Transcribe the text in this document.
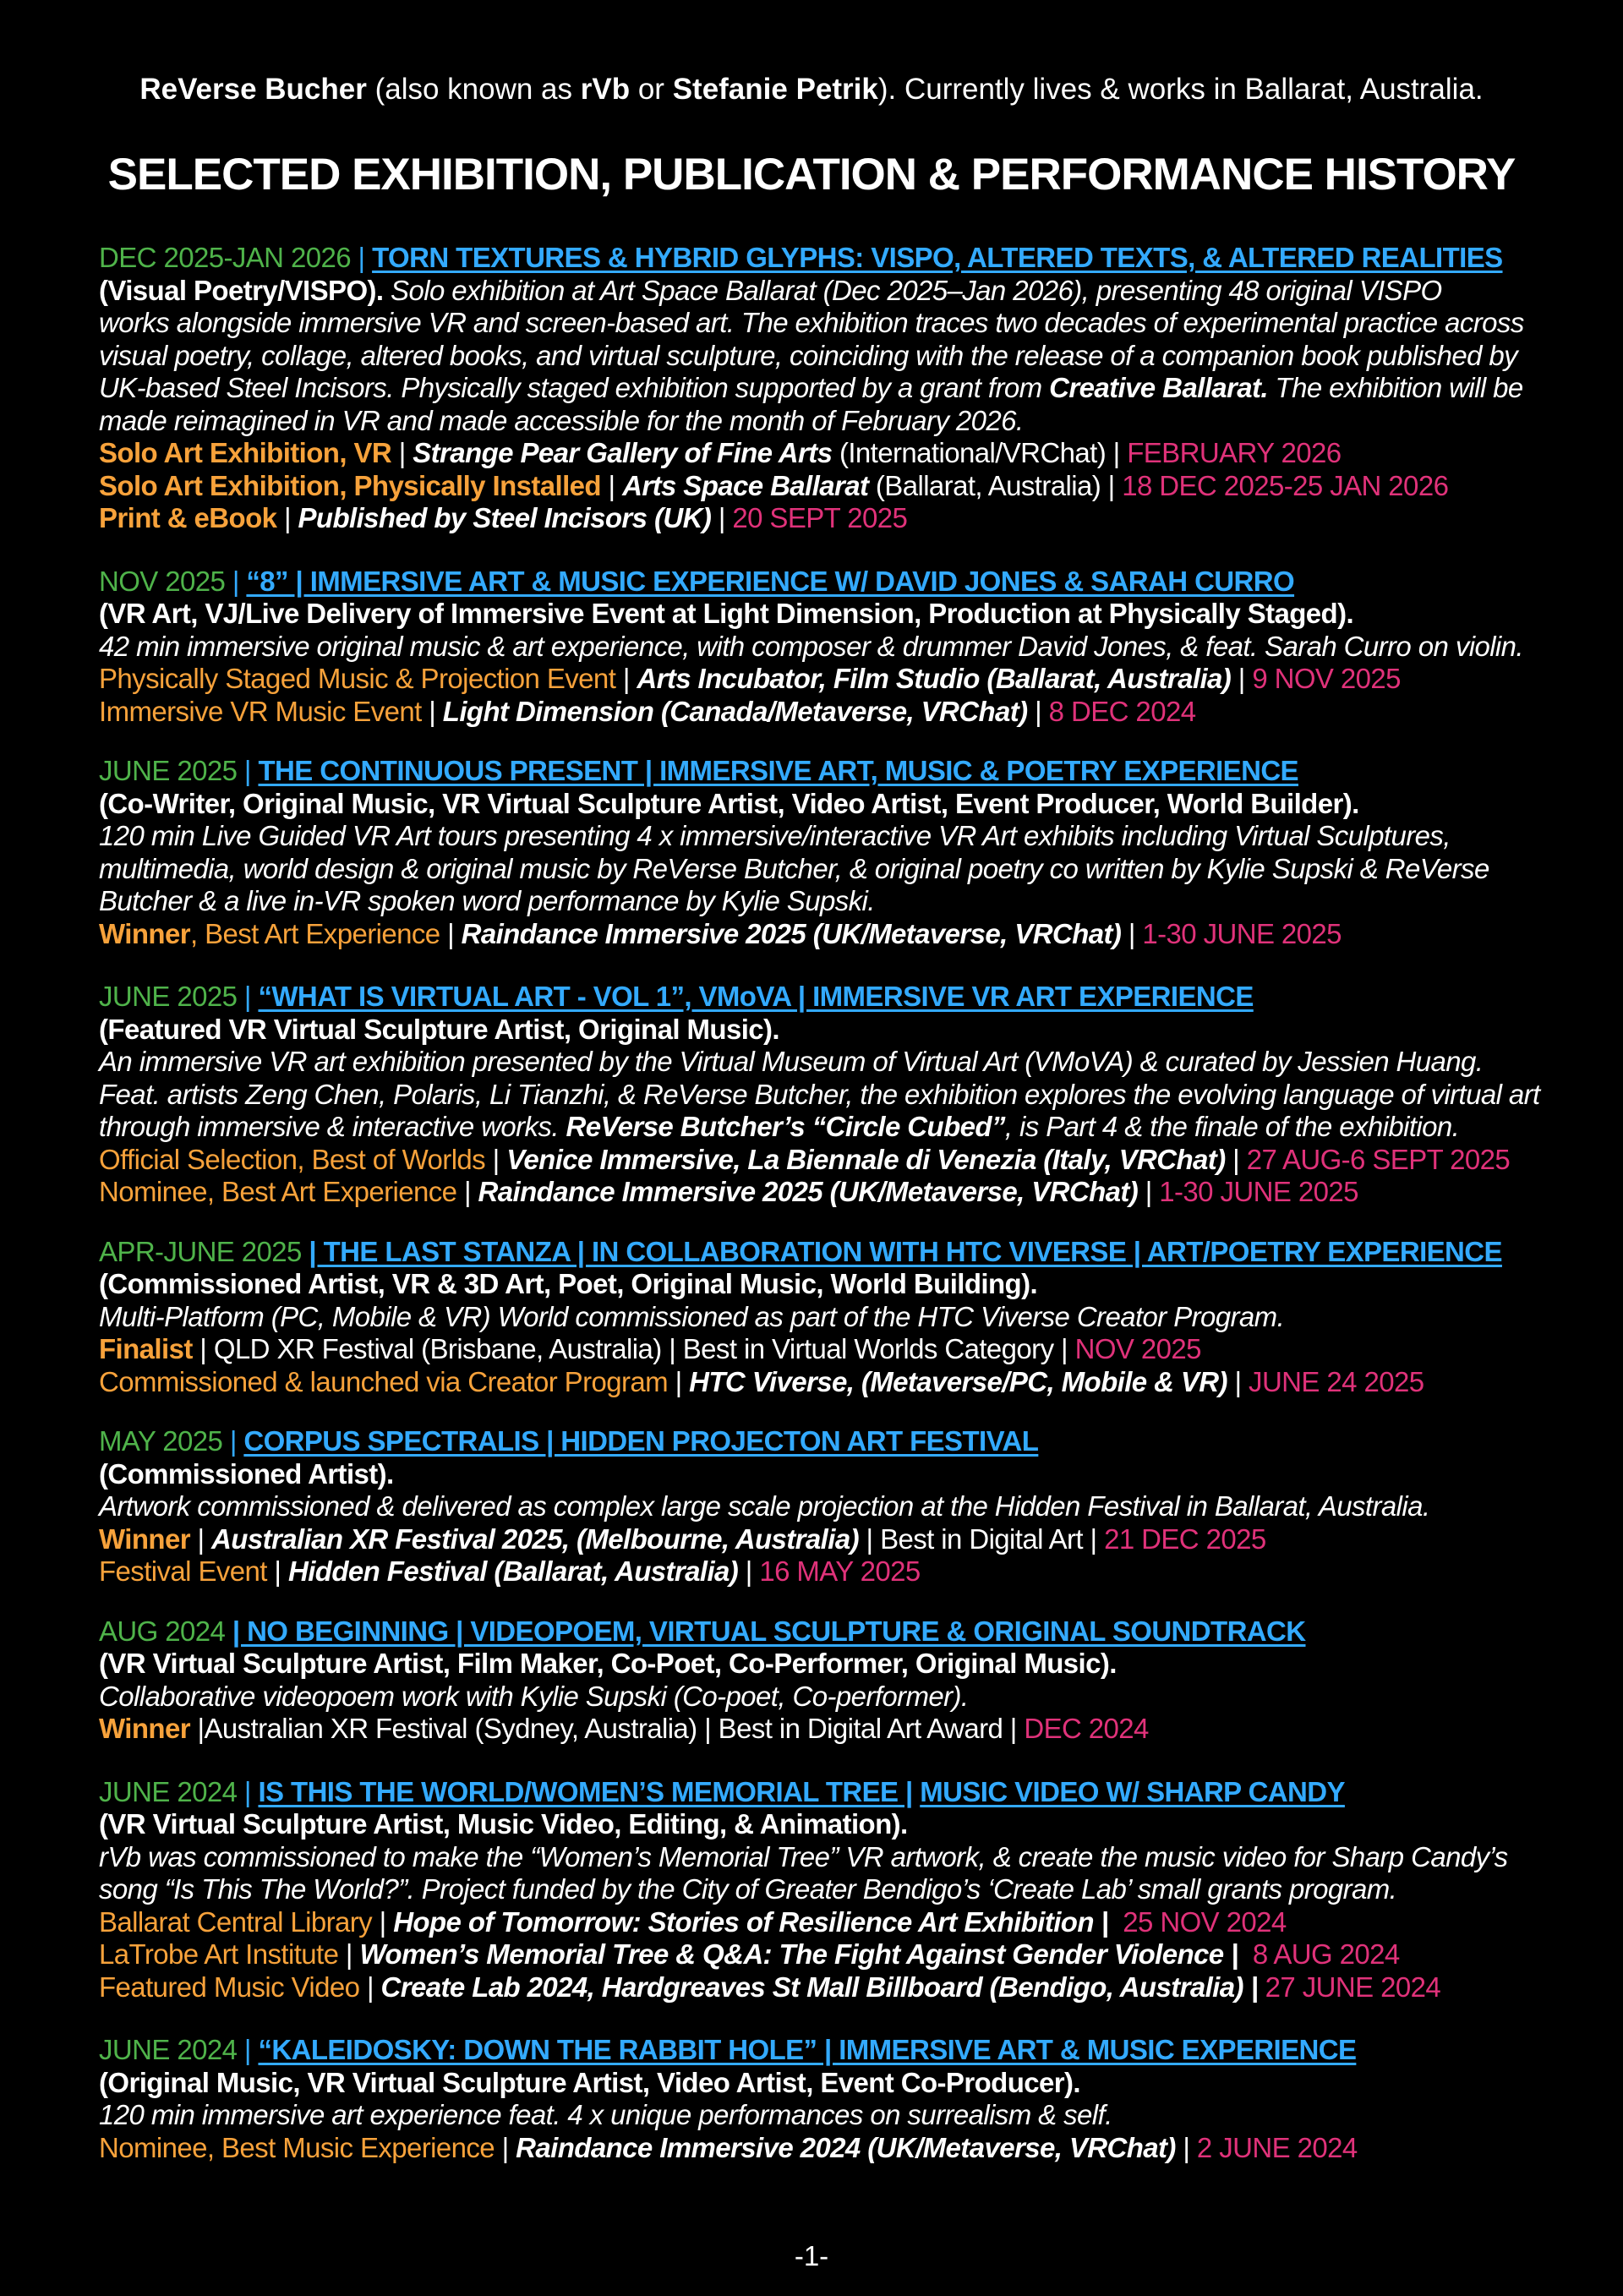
ReVerse Bucher (also known as rVb or Stefanie Petrik). Currently lives & works in Ballarat, Australia.
SELECTED EXHIBITION, PUBLICATION & PERFORMANCE HISTORY
DEC 2025-JAN 2026 | TORN TEXTURES & HYBRID GLYPHS: VISPO, ALTERED TEXTS, & ALTERED REALITIES
(Visual Poetry/VISPO). Solo exhibition at Art Space Ballarat (Dec 2025–Jan 2026), presenting 48 original VISPO
works alongside immersive VR and screen-based art. The exhibition traces two decades of experimental practice across
visual poetry, collage, altered books, and virtual sculpture, coinciding with the release of a companion book published by
UK-based Steel Incisors. Physically staged exhibition supported by a grant from Creative Ballarat. The exhibition will be
made reimagined in VR and made accessible for the month of February 2026.
Solo Art Exhibition, VR | Strange Pear Gallery of Fine Arts (International/VRChat) | FEBRUARY 2026
Solo Art Exhibition, Physically Installed | Arts Space Ballarat (Ballarat, Australia) | 18 DEC 2025-25 JAN 2026
Print & eBook | Published by Steel Incisors (UK) | 20 SEPT 2025
NOV 2025 | “8” | IMMERSIVE ART & MUSIC EXPERIENCE W/ DAVID JONES & SARAH CURRO
(VR Art, VJ/Live Delivery of Immersive Event at Light Dimension, Production at Physically Staged).
42 min immersive original music & art experience, with composer & drummer David Jones, & feat. Sarah Curro on violin.
Physically Staged Music & Projection Event | Arts Incubator, Film Studio (Ballarat, Australia) | 9 NOV 2025
Immersive VR Music Event | Light Dimension (Canada/Metaverse, VRChat) | 8 DEC 2024
JUNE 2025 | THE CONTINUOUS PRESENT | IMMERSIVE ART, MUSIC & POETRY EXPERIENCE
(Co-Writer, Original Music, VR Virtual Sculpture Artist, Video Artist, Event Producer, World Builder).
120 min Live Guided VR Art tours presenting 4 x immersive/interactive VR Art exhibits including Virtual Sculptures,
multimedia, world design & original music by ReVerse Butcher, & original poetry co written by Kylie Supski & ReVerse
Butcher & a live in-VR spoken word performance by Kylie Supski.
Winner, Best Art Experience | Raindance Immersive 2025 (UK/Metaverse, VRChat) | 1-30 JUNE 2025
JUNE 2025 | “WHAT IS VIRTUAL ART - VOL 1”, VMoVA | IMMERSIVE VR ART EXPERIENCE
(Featured VR Virtual Sculpture Artist, Original Music).
An immersive VR art exhibition presented by the Virtual Museum of Virtual Art (VMoVA) & curated by Jessien Huang.
Feat. artists Zeng Chen, Polaris, Li Tianzhi, & ReVerse Butcher, the exhibition explores the evolving language of virtual art
through immersive & interactive works. ReVerse Butcher’s “Circle Cubed”, is Part 4 & the finale of the exhibition.
Official Selection, Best of Worlds | Venice Immersive, La Biennale di Venezia (Italy, VRChat) | 27 AUG-6 SEPT 2025
Nominee, Best Art Experience | Raindance Immersive 2025 (UK/Metaverse, VRChat) | 1-30 JUNE 2025
APR-JUNE 2025 | THE LAST STANZA | IN COLLABORATION WITH HTC VIVERSE | ART/POETRY EXPERIENCE
(Commissioned Artist, VR & 3D Art, Poet, Original Music, World Building).
Multi-Platform (PC, Mobile & VR) World commissioned as part of the HTC Viverse Creator Program.
Finalist | QLD XR Festival (Brisbane, Australia) | Best in Virtual Worlds Category | NOV 2025
Commissioned & launched via Creator Program | HTC Viverse, (Metaverse/PC, Mobile & VR) | JUNE 24 2025
MAY 2025 | CORPUS SPECTRALIS | HIDDEN PROJECTON ART FESTIVAL
(Commissioned Artist).
Artwork commissioned & delivered as complex large scale projection at the Hidden Festival in Ballarat, Australia.
Winner | Australian XR Festival 2025, (Melbourne, Australia) | Best in Digital Art | 21 DEC 2025
Festival Event | Hidden Festival (Ballarat, Australia) | 16 MAY 2025
AUG 2024 | NO BEGINNING | VIDEOPOEM, VIRTUAL SCULPTURE & ORIGINAL SOUNDTRACK
(VR Virtual Sculpture Artist, Film Maker, Co-Poet, Co-Performer, Original Music).
Collaborative videopoem work with Kylie Supski (Co-poet, Co-performer).
Winner |Australian XR Festival (Sydney, Australia) | Best in Digital Art Award | DEC 2024
JUNE 2024 | IS THIS THE WORLD/WOMEN’S MEMORIAL TREE | MUSIC VIDEO W/ SHARP CANDY
(VR Virtual Sculpture Artist, Music Video, Editing, & Animation).
rVb was commissioned to make the “Women’s Memorial Tree” VR artwork, & create the music video for Sharp Candy’s
song “Is This The World?”. Project funded by the City of Greater Bendigo’s ‘Create Lab’ small grants program.
Ballarat Central Library | Hope of Tomorrow: Stories of Resilience Art Exhibition | 25 NOV 2024
LaTrobe Art Institute | Women’s Memorial Tree & Q&A: The Fight Against Gender Violence | 8 AUG 2024
Featured Music Video | Create Lab 2024, Hardgreaves St Mall Billboard (Bendigo, Australia) | 27 JUNE 2024
JUNE 2024 | “KALEIDOSKY: DOWN THE RABBIT HOLE” | IMMERSIVE ART & MUSIC EXPERIENCE
(Original Music, VR Virtual Sculpture Artist, Video Artist, Event Co-Producer).
120 min immersive art experience feat. 4 x unique performances on surrealism & self.
Nominee, Best Music Experience | Raindance Immersive 2024 (UK/Metaverse, VRChat) | 2 JUNE 2024
-1-
